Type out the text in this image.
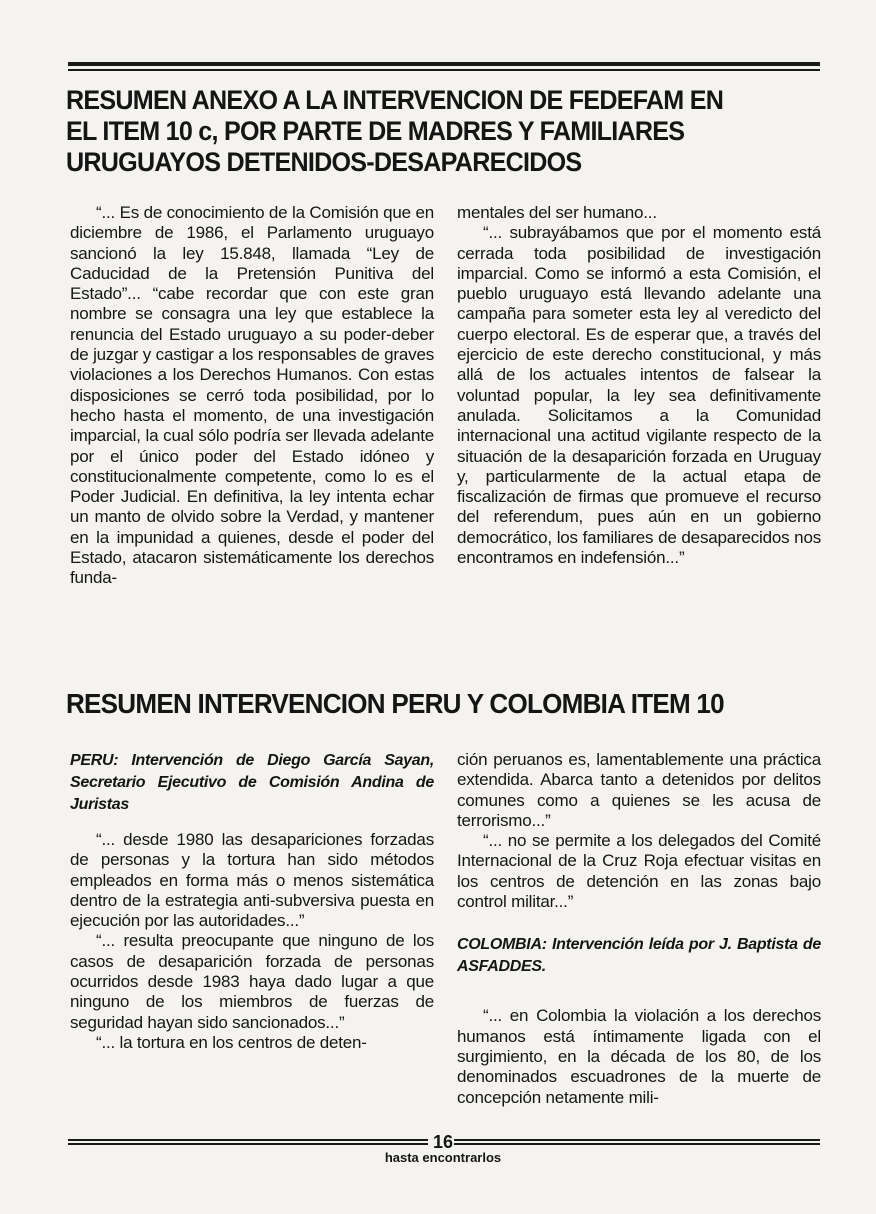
RESUMEN ANEXO A LA INTERVENCION DE FEDEFAM EN
EL ITEM 10 c, POR PARTE DE MADRES Y FAMILIARES
URUGUAYOS DETENIDOS-DESAPARECIDOS

“... Es de conocimiento de la Comisión que en diciembre de 1986, el Parlamento uruguayo sancionó la ley 15.848, llamada “Ley de Caducidad de la Pretensión Punitiva del Estado”... “cabe recordar que con este gran nombre se consagra una ley que establece la renuncia del Estado uruguayo a su poder-deber de juzgar y castigar a los responsables de graves violaciones a los Derechos Humanos. Con estas disposiciones se cerró toda posibilidad, por lo hecho hasta el momento, de una investigación imparcial, la cual sólo podría ser llevada adelante por el único poder del Estado idóneo y constitucionalmente competente, como lo es el Poder Judicial. En definitiva, la ley intenta echar un manto de olvido sobre la Verdad, y mantener en la impunidad a quienes, desde el poder del Estado, atacaron sistemáticamente los derechos funda-

mentales del ser humano...

“... subrayábamos que por el momento está cerrada toda posibilidad de investigación imparcial. Como se informó a esta Comisión, el pueblo uruguayo está llevando adelante una campaña para someter esta ley al veredicto del cuerpo electoral. Es de esperar que, a través del ejercicio de este derecho constitucional, y más allá de los actuales intentos de falsear la voluntad popular, la ley sea definitivamente anulada. Solicitamos a la Comunidad internacional una actitud vigilante respecto de la situación de la desaparición forzada en Uruguay y, particularmente de la actual etapa de fiscalización de firmas que promueve el recurso del referendum, pues aún en un gobierno democrático, los familiares de desaparecidos nos encontramos en indefensión...”

RESUMEN INTERVENCION PERU Y COLOMBIA ITEM 10

PERU: Intervención de Diego García Sayan, Secretario Ejecutivo de Comisión Andina de Juristas

“... desde 1980 las desapariciones forzadas de personas y la tortura han sido métodos empleados en forma más o menos sistemática dentro de la estrategia anti-subversiva puesta en ejecución por las autoridades...”

“... resulta preocupante que ninguno de los casos de desaparición forzada de personas ocurridos desde 1983 haya dado lugar a que ninguno de los miembros de fuerzas de seguridad hayan sido sancionados...”

“... la tortura en los centros de deten-

ción peruanos es, lamentablemente una práctica extendida. Abarca tanto a detenidos por delitos comunes como a quienes se les acusa de terrorismo...”

“... no se permite a los delegados del Comité Internacional de la Cruz Roja efectuar visitas en los centros de detención en las zonas bajo control militar...”

COLOMBIA: Intervención leída por J. Baptista de ASFADDES.

“... en Colombia la violación a los derechos humanos está íntimamente ligada con el surgimiento, en la década de los 80, de los denominados escuadrones de la muerte de concepción netamente mili-

16
hasta encontrarlos
